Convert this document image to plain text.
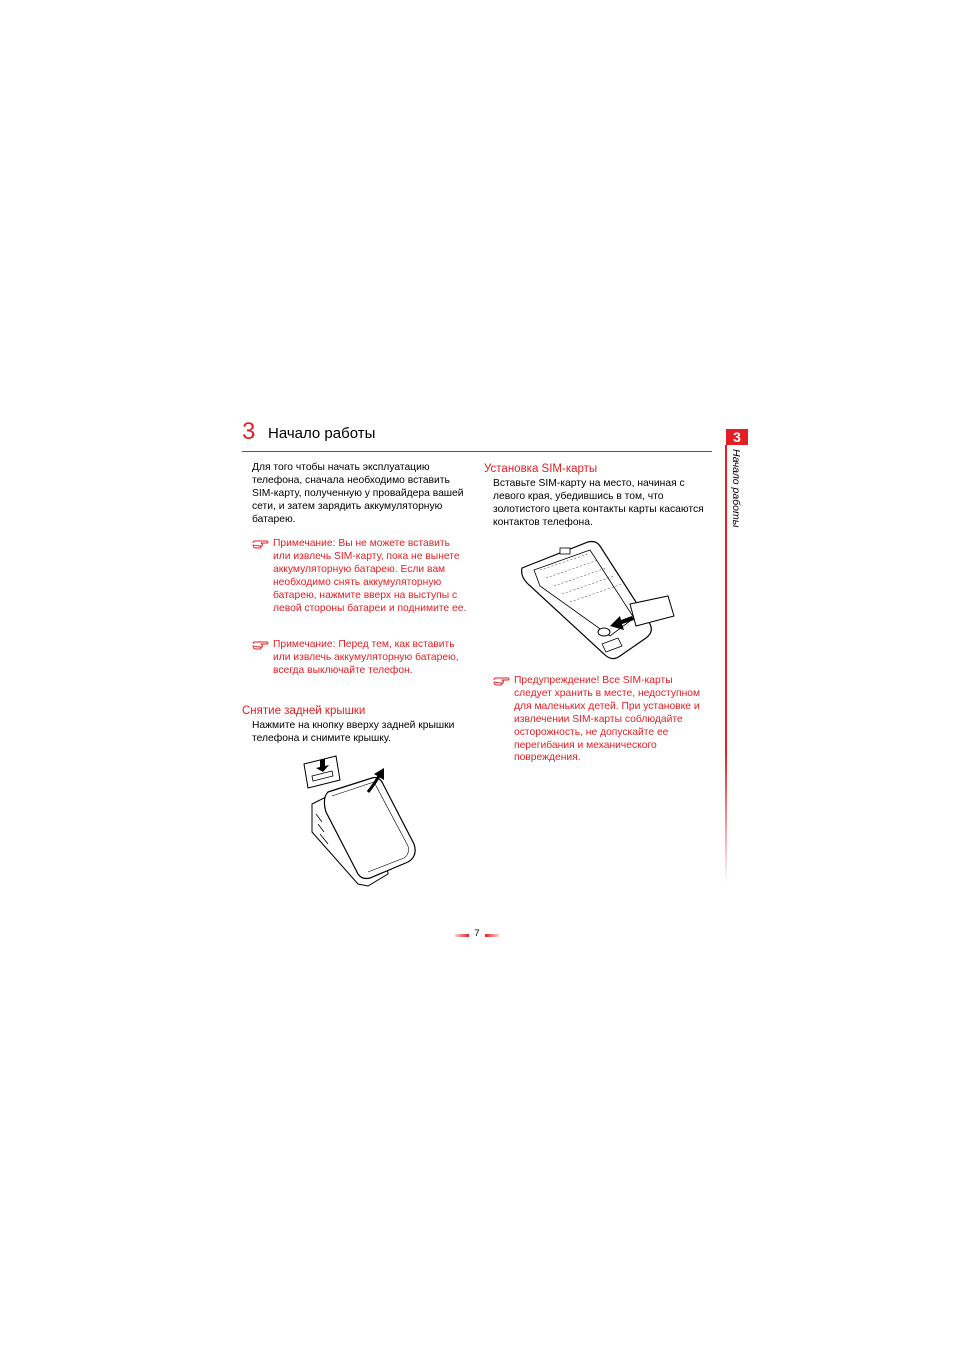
3 Начало работы	3
Начало работы
Для того чтобы начать эксплуатацию телефона, сначала необходимо вставить SIM-карту, полученную у провайдера вашей сети, и затем зарядить аккумуляторную батарею.
Примечание: Вы не можете вставить или извлечь SIM-карту, пока не вынете аккумуляторную батарею. Если вам необходимо снять аккумуляторную батарею, нажмите вверх на выступы с левой стороны батареи и поднимите ее.
Примечание: Перед тем, как вставить или извлечь аккумуляторную батарею, всегда выключайте телефон.
Снятие задней крышки
Нажмите на кнопку вверху задней крышки телефона и снимите крышку.
Установка SIM-карты
Вставьте SIM-карту на место, начиная с левого края, убедившись в том, что золотистого цвета контакты карты касаются контактов телефона.
Предупреждение! Все SIM-карты следует хранить в месте, недоступном для маленьких детей. При установке и извлечении SIM-карты соблюдайте осторожность, не допускайте ее перегибания и механического повреждения.
7
